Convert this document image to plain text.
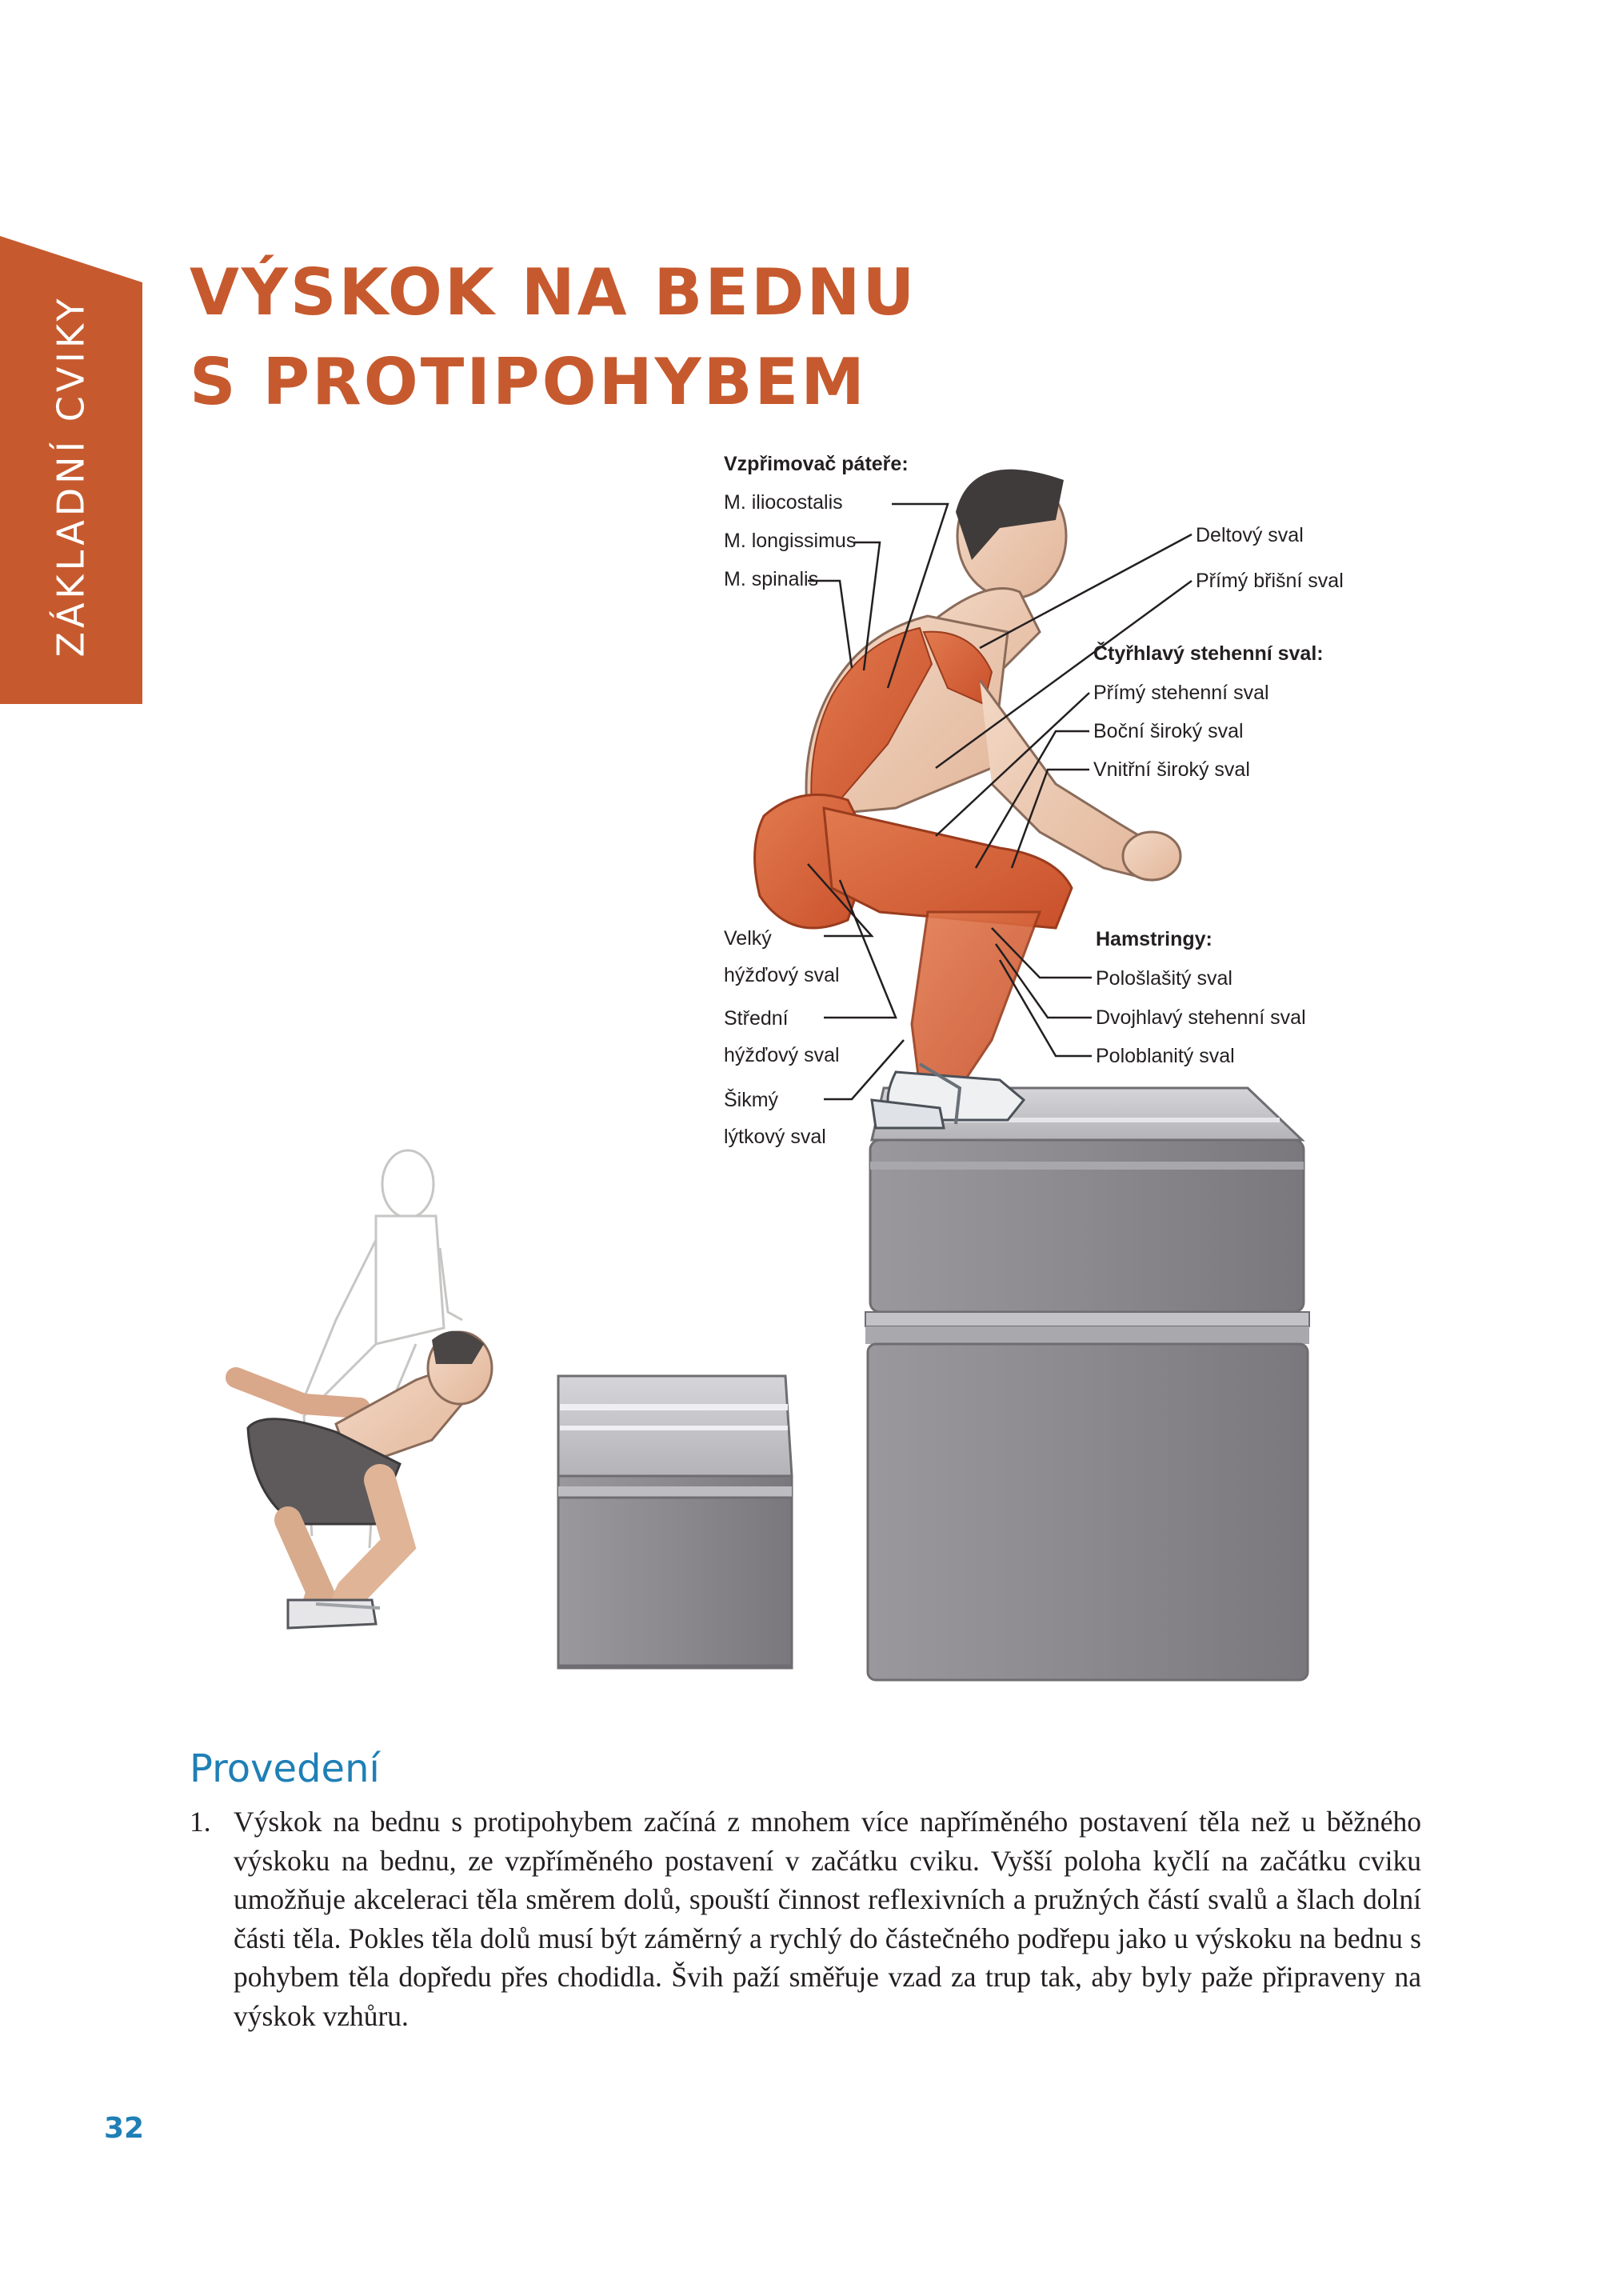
ZÁKLADNÍ CVIKY
VÝSKOK NA BEDNU
S PROTIPOHYBEM
Vzpřimovač páteře:
M. iliocostalis
M. longissimus
M. spinalis
Deltový sval
Přímý břišní sval
Čtyřhlavý stehenní sval:
Přímý stehenní sval
Boční široký sval
Vnitřní široký sval
Velký
hýžďový sval
Střední
hýžďový sval
Šikmý
lýtkový sval
Hamstringy:
Pološlašitý sval
Dvojhlavý stehenní sval
Poloblanitý sval
Provedení
1. Výskok na bednu s protipohybem začíná z mnohem více napříměného postavení těla než u běžného výskoku na bednu, ze vzpříměného postavení v začátku cviku. Vyšší poloha kyčlí na začátku cviku umožňuje akceleraci těla směrem dolů, spouští činnost reflexivních a pružných částí svalů a šlach dolní části těla. Pokles těla dolů musí být záměrný a rychlý do částečného podřepu jako u výskoku na bednu s pohybem těla dopředu přes chodidla. Švih paží směřuje vzad za trup tak, aby byly paže připraveny na výskok vzhůru.
32
